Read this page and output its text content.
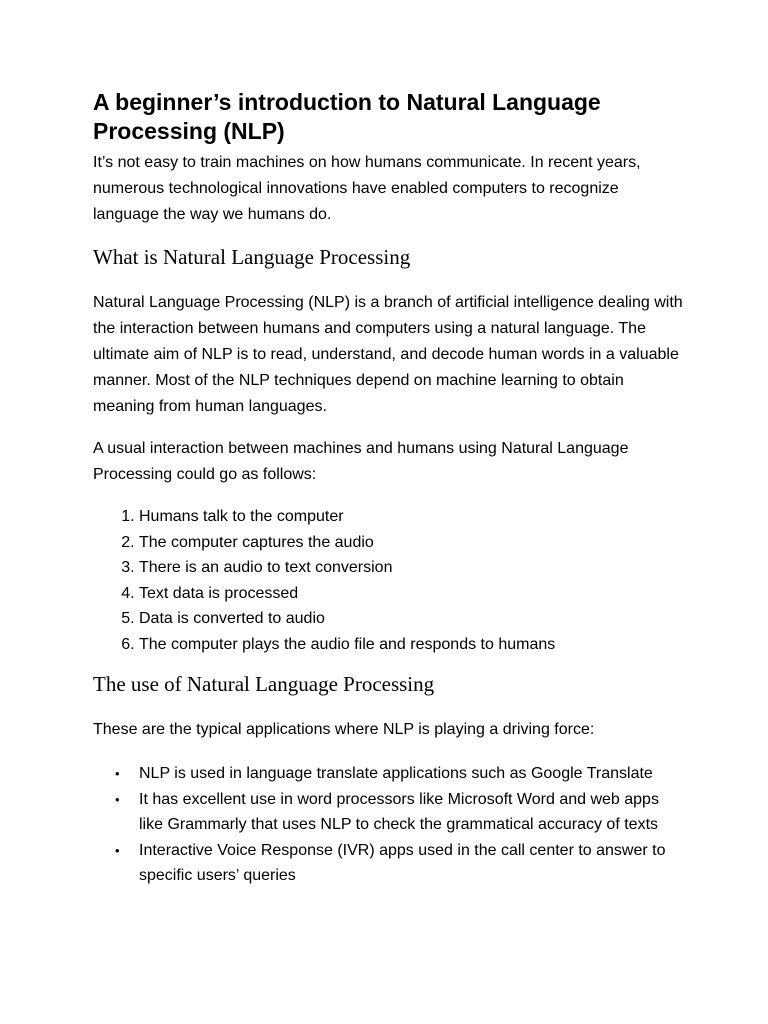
A beginner’s introduction to Natural Language Processing (NLP)

It’s not easy to train machines on how humans communicate. In recent years, numerous technological innovations have enabled computers to recognize language the way we humans do.

What is Natural Language Processing

Natural Language Processing (NLP) is a branch of artificial intelligence dealing with the interaction between humans and computers using a natural language. The ultimate aim of NLP is to read, understand, and decode human words in a valuable manner. Most of the NLP techniques depend on machine learning to obtain meaning from human languages.

A usual interaction between machines and humans using Natural Language Processing could go as follows:

1. Humans talk to the computer
2. The computer captures the audio
3. There is an audio to text conversion
4. Text data is processed
5. Data is converted to audio
6. The computer plays the audio file and responds to humans
The use of Natural Language Processing

These are the typical applications where NLP is playing a driving force:

• NLP is used in language translate applications such as Google Translate
• It has excellent use in word processors like Microsoft Word and web apps like Grammarly that uses NLP to check the grammatical accuracy of texts
• Interactive Voice Response (IVR) apps used in the call center to answer to specific users’ queries
